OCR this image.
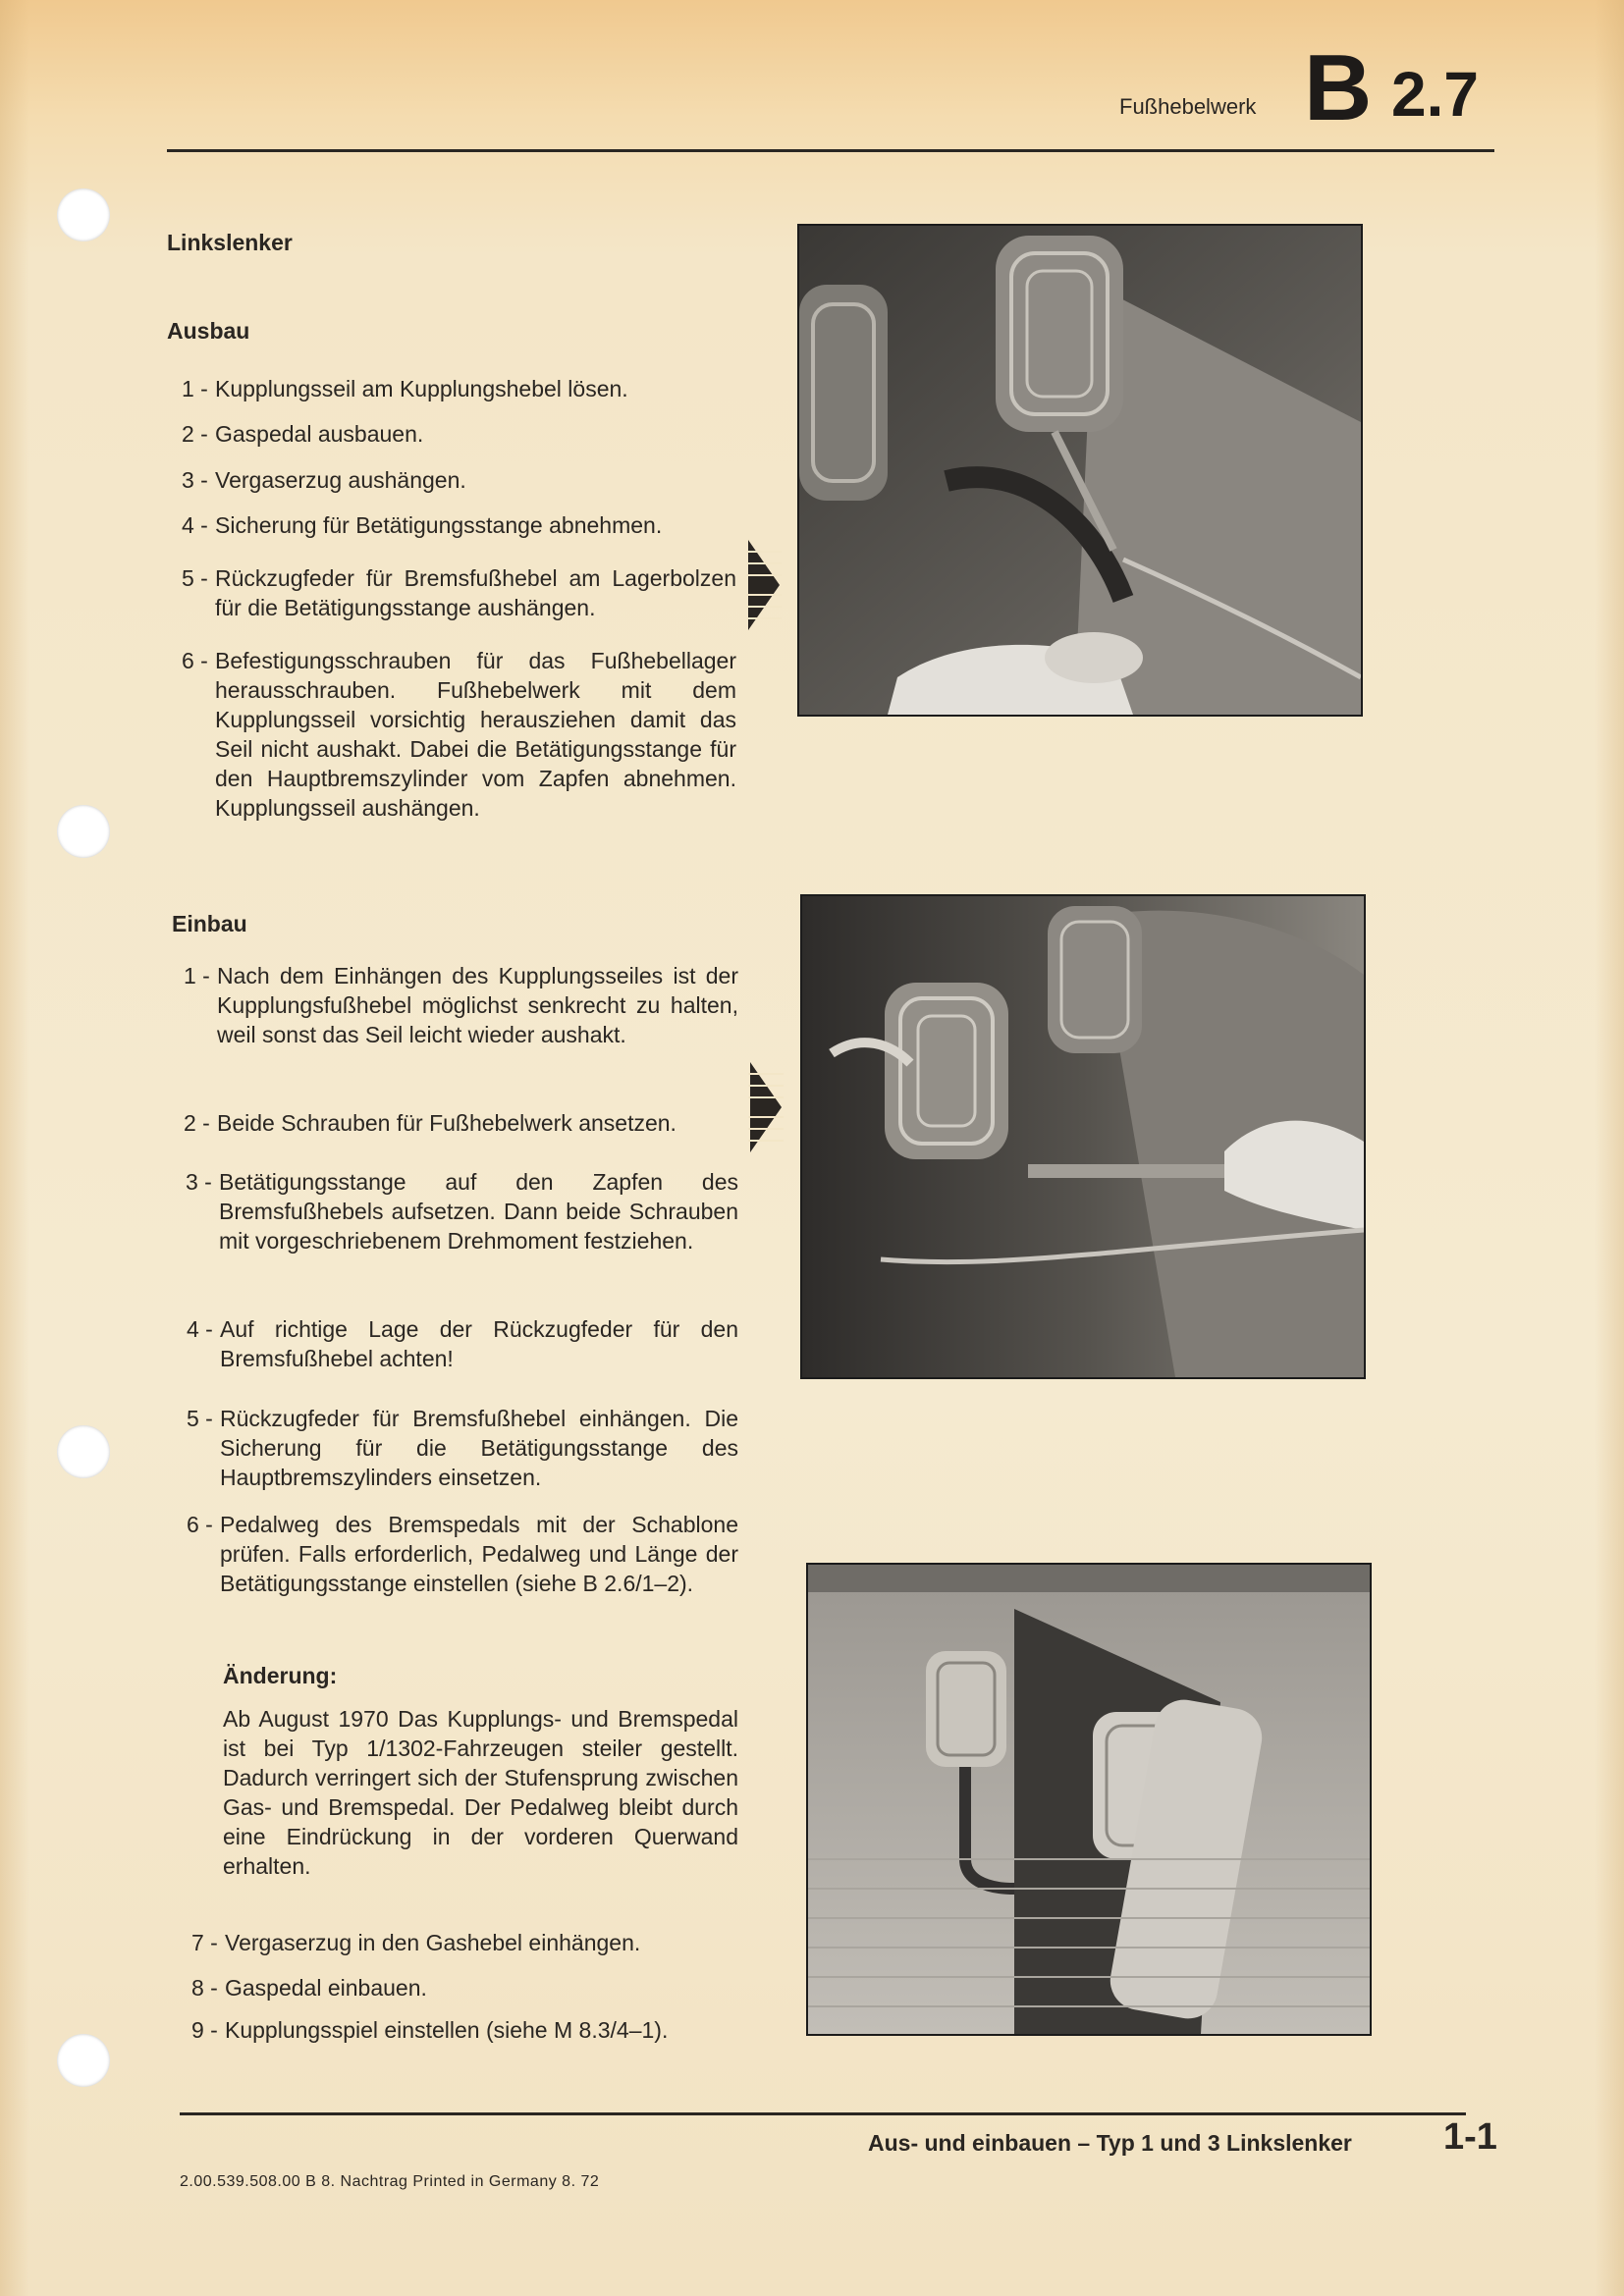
Fußhebelwerk B 2.7
Linkslenker
Ausbau
1 - Kupplungsseil am Kupplungshebel lösen.
2 - Gaspedal ausbauen.
3 - Vergaserzug aushängen.
4 - Sicherung für Betätigungsstange abnehmen.
5 - Rückzugfeder für Bremsfußhebel am Lagerbolzen für die Betätigungsstange aushängen.
6 - Befestigungsschrauben für das Fußhebellager herausschrauben. Fußhebelwerk mit dem Kupplungsseil vorsichtig herausziehen damit das Seil nicht aushakt. Dabei die Betätigungsstange für den Hauptbremszylinder vom Zapfen abnehmen. Kupplungsseil aushängen.
Einbau
1 - Nach dem Einhängen des Kupplungsseiles ist der Kupplungsfußhebel möglichst senkrecht zu halten, weil sonst das Seil leicht wieder aushakt.
2 - Beide Schrauben für Fußhebelwerk ansetzen.
3 - Betätigungsstange auf den Zapfen des Bremsfußhebels aufsetzen. Dann beide Schrauben mit vorgeschriebenem Drehmoment festziehen.
4 - Auf richtige Lage der Rückzugfeder für den Bremsfußhebel achten!
5 - Rückzugfeder für Bremsfußhebel einhängen. Die Sicherung für die Betätigungsstange des Hauptbremszylinders einsetzen.
6 - Pedalweg des Bremspedals mit der Schablone prüfen. Falls erforderlich, Pedalweg und Länge der Betätigungsstange einstellen (siehe B 2.6/1–2).
Änderung:
Ab August 1970 Das Kupplungs- und Bremspedal ist bei Typ 1/1302-Fahrzeugen steiler gestellt. Dadurch verringert sich der Stufensprung zwischen Gas- und Bremspedal. Der Pedalweg bleibt durch eine Eindrückung in der vorderen Querwand erhalten.
7 - Vergaserzug in den Gashebel einhängen.
8 - Gaspedal einbauen.
9 - Kupplungsspiel einstellen (siehe M 8.3/4–1).
Aus- und einbauen – Typ 1 und 3 Linkslenker 1-1
2.00.539.508.00 B 8. Nachtrag Printed in Germany 8. 72
